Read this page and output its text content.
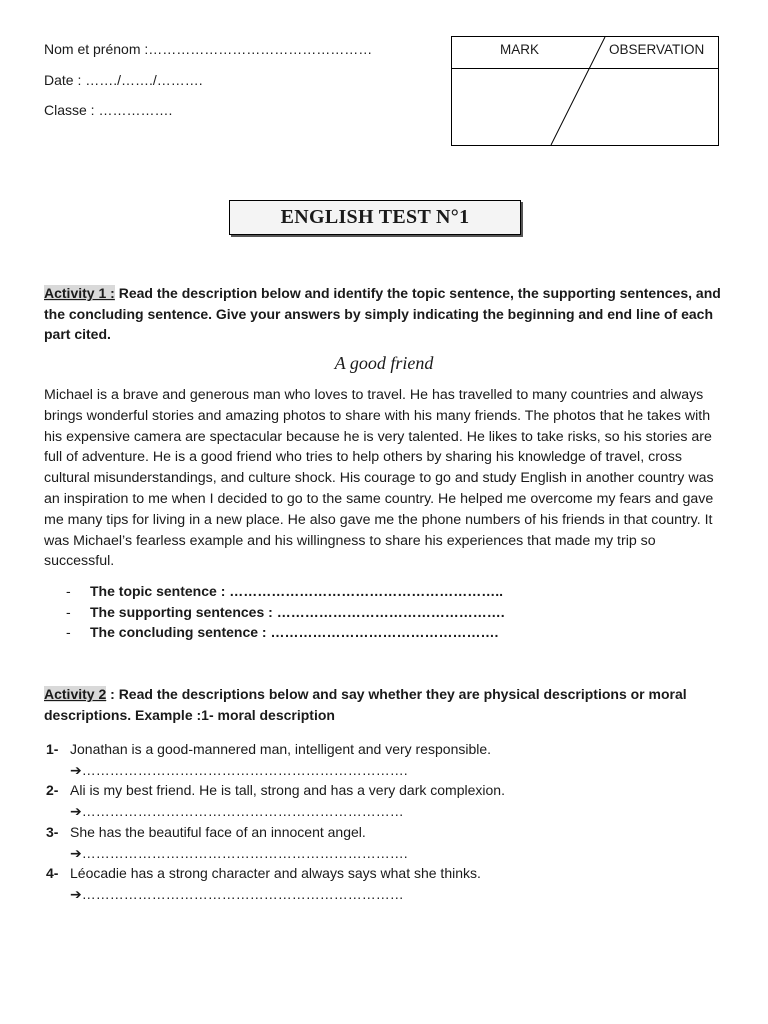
Nom et prénom :…………………………………………
Date : ……./……./……….
Classe : …………….
MARK	OBSERVATION
ENGLISH TEST N°1
Activity 1 : Read the description below and identify the topic sentence, the supporting sentences, and the concluding sentence. Give your answers by simply indicating the beginning and end line of each part cited.
A good friend
Michael is a brave and generous man who loves to travel. He has travelled to many countries and always brings wonderful stories and amazing photos to share with his many friends. The photos that he takes with his expensive camera are spectacular because he is very talented. He likes to take risks, so his stories are full of adventure. He is a good friend who tries to help others by sharing his knowledge of travel, cross cultural misunderstandings, and culture shock. His courage to go and study English in another country was an inspiration to me when I decided to go to the same country. He helped me overcome my fears and gave me many tips for living in a new place. He also gave me the phone numbers of his friends in that country. It was Michael’s fearless example and his willingness to share his experiences that made my trip so successful.
- The topic sentence : …………………………………………………..
- The supporting sentences : ………………………………………….
- The concluding sentence : ………………………………………….
Activity 2 : Read the descriptions below and say whether they are physical descriptions or moral descriptions. Example :1- moral description
1- Jonathan is a good-mannered man, intelligent and very responsible.
➔…………………………………………………………….
2- Ali is my best friend. He is tall, strong and has a very dark complexion.
➔……………………………………………………………
3- She has the beautiful face of an innocent angel.
➔…………………………………………………………….
4- Léocadie has a strong character and always says what she thinks.
➔……………………………………………………………
